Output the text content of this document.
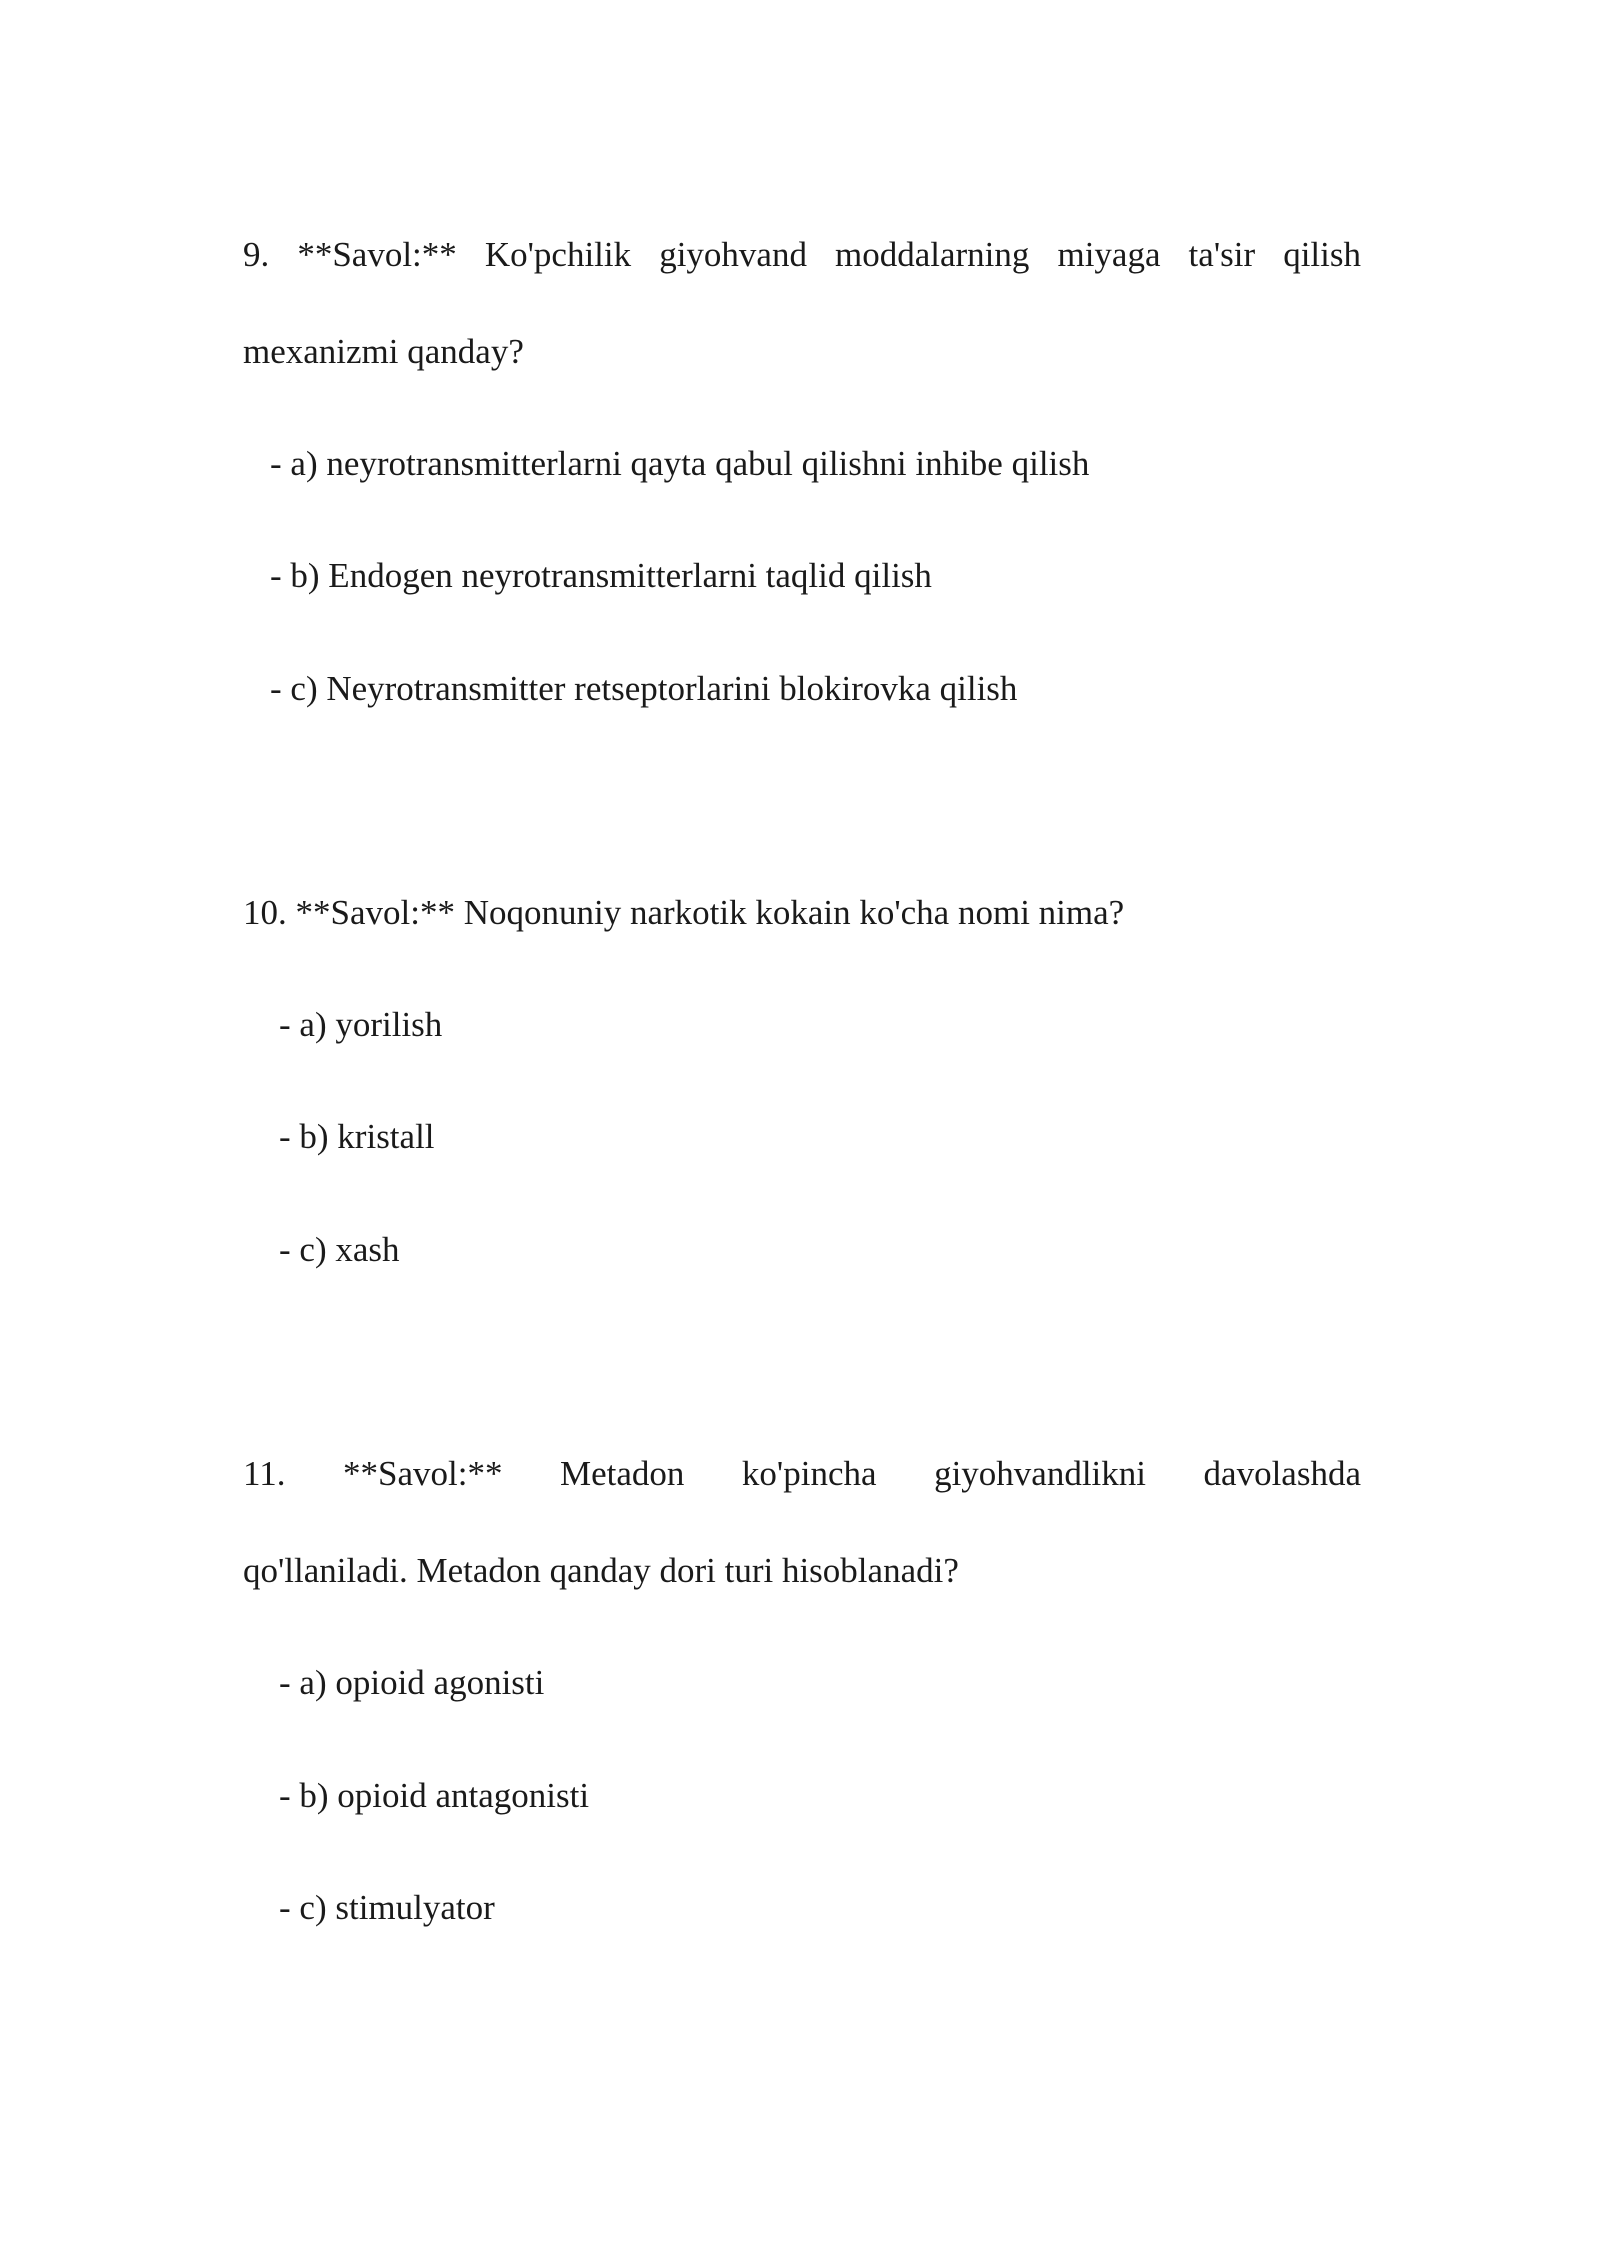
9. **Savol:** Ko'pchilik giyohvand moddalarning miyaga ta'sir qilish
mexanizmi qanday?
- a) neyrotransmitterlarni qayta qabul qilishni inhibe qilish
- b) Endogen neyrotransmitterlarni taqlid qilish
- c) Neyrotransmitter retseptorlarini blokirovka qilish
10. **Savol:** Noqonuniy narkotik kokain ko'cha nomi nima?
- a) yorilish
- b) kristall
- c) xash
11. **Savol:** Metadon ko'pincha giyohvandlikni davolashda
qo'llaniladi. Metadon qanday dori turi hisoblanadi?
- a) opioid agonisti
- b) opioid antagonisti
- c) stimulyator
